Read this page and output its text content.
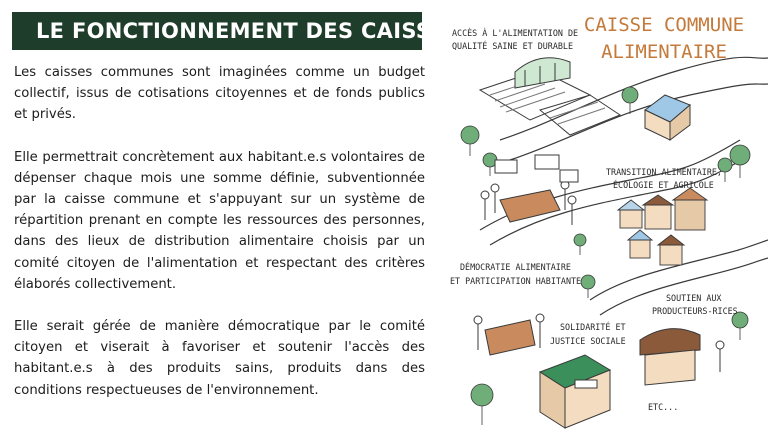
LE FONCTIONNEMENT DES CAISSES

Les caisses communes sont imaginées comme un budget collectif, issus de cotisations citoyennes et de fonds publics et privés.

Elle permettrait concrètement aux habitant.e.s volontaires de dépenser chaque mois une somme définie, subventionnée par la caisse commune et s'appuyant sur un système de répartition prenant en compte les ressources des personnes, dans des lieux de distribution alimentaire choisis par un comité citoyen de l'alimentation et respectant des critères élaborés collectivement.

Elle serait gérée de manière démocratique par le comité citoyen et viserait à favoriser et soutenir l'accès des habitant.e.s à des produits sains, produits dans des conditions respectueuses de l'environnement.

CAISSE COMMUNE
ALIMENTAIRE
ACCÈS À L'ALIMENTATION DE
QUALITÉ SAINE ET DURABLE
TRANSITION ALIMENTAIRE,
ÉCOLOGIE ET AGRICOLE
DÉMOCRATIE ALIMENTAIRE
ET PARTICIPATION HABITANTE
SOUTIEN AUX
PRODUCTEURS-RICES
SOLIDARITÉ ET
JUSTICE SOCIALE
ETC...
